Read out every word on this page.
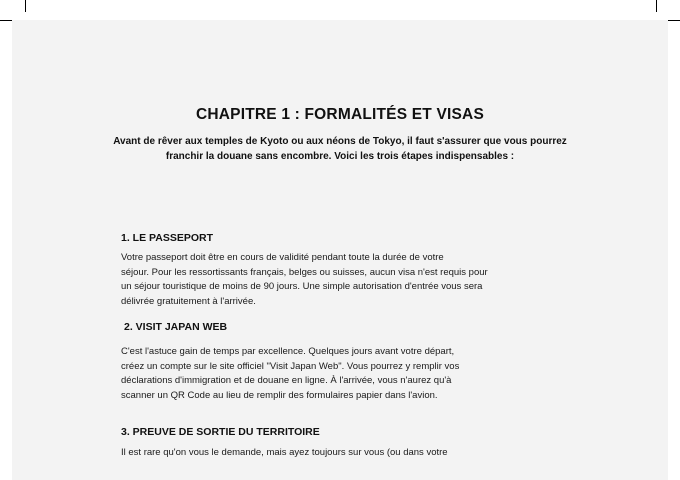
CHAPITRE 1 : FORMALITÉS ET VISAS
Avant de rêver aux temples de Kyoto ou aux néons de Tokyo, il faut s'assurer que vous pourrez franchir la douane sans encombre. Voici les trois étapes indispensables :
1. LE PASSEPORT
Votre passeport doit être en cours de validité pendant toute la durée de votre
séjour. Pour les ressortissants français, belges ou suisses, aucun visa n'est requis pour
un séjour touristique de moins de 90 jours. Une simple autorisation d'entrée vous sera
délivrée gratuitement à l'arrivée.
2. VISIT JAPAN WEB
C'est l'astuce gain de temps par excellence. Quelques jours avant votre départ,
créez un compte sur le site officiel "Visit Japan Web". Vous pourrez y remplir vos
déclarations d'immigration et de douane en ligne. À l'arrivée, vous n'aurez qu'à
scanner un QR Code au lieu de remplir des formulaires papier dans l'avion.
3. PREUVE DE SORTIE DU TERRITOIRE
Il est rare qu'on vous le demande, mais ayez toujours sur vous (ou dans votre
